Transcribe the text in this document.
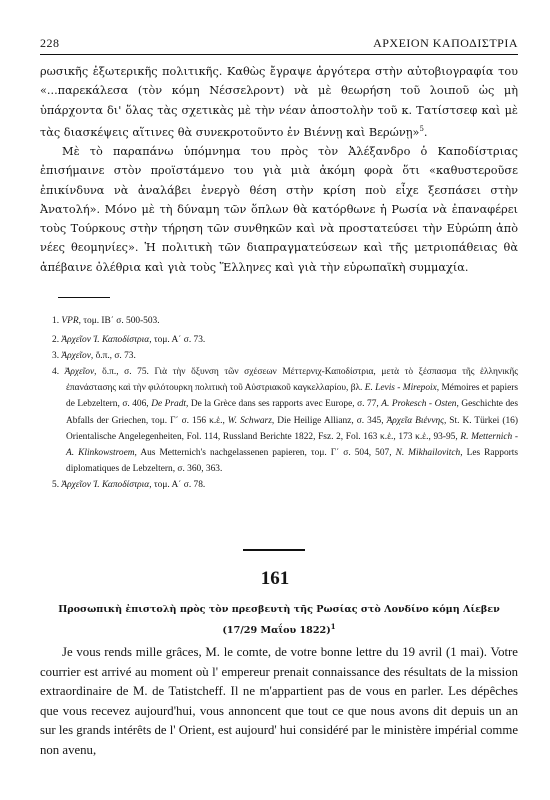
228	ΑΡΧΕΙΟΝ ΚΑΠΟΔΙΣΤΡΙΑ

ρωσικῆς ἐξωτερικῆς πολιτικῆς. Καθὼς ἔγραψε ἀργότερα στὴν αὐτοβιογραφία του «...παρεκάλεσα (τὸν κόμη Νέσσελροντ) νὰ μὲ θεωρήση τοῦ λοιποῦ ὡς μὴ ὑπάρχοντα δι' ὅλας τὰς σχετικὰς μὲ τὴν νέαν ἀποστολὴν τοῦ κ. Τατίστσεφ καὶ μὲ τὰς διασκέψεις αἵτινες θὰ συνεκροτοῦντο ἐν Βιέννῃ καὶ Βερώνῃ»$^5$.

Μὲ τὸ παραπάνω ὑπόμνημα του πρὸς τὸν Ἀλέξανδρο ὁ Καποδίστριας ἐπισήμαινε στὸν προϊστάμενο του γιὰ μιὰ ἀκόμη φορὰ ὅτι «καθυστεροῦσε ἐπικίνδυνα νὰ ἀναλάβει ἐνεργὸ θέση στὴν κρίση ποὺ εἶχε ξεσπάσει στὴν Ἀνατολή». Μόνο μὲ τὴ δύναμη τῶν ὅπλων θὰ κατόρθωνε ἡ Ρωσία νὰ ἐπαναφέρει τοὺς Τούρκους στὴν τήρηση τῶν συνθηκῶν καὶ νὰ προστατεύσει τὴν Εὐρώπη ἀπὸ νέες θεομηνίες». Ἡ πολιτικὴ τῶν διαπραγματεύσεων καὶ τῆς μετριοπάθειας θὰ ἀπέβαινε ὀλέθρια καὶ γιὰ τοὺς Ἕλληνες καὶ γιὰ τὴν εὐρωπαϊκὴ συμμαχία.

1. VPR, τομ. ΙΒ΄ σ. 500-503.

2. Ἀρχεῖον Ἰ. Καποδίστρια, τομ. Α΄ σ. 73.

3. Ἀρχεῖον, ὅ.π., σ. 73.

4. Ἀρχεῖον, ὅ.π., σ. 75. Γιὰ τὴν ὄξυνση τῶν σχέσεων Μέττερνιχ-Καποδίστρια, μετὰ τὸ ξέσπασμα τῆς ἑλληνικῆς ἐπανάστασης καὶ τὴν φιλότουρκη πολιτικὴ τοῦ Αὐστριακοῦ καγκελλαρίου, βλ. E. Levis - Mirepoix, Mémoires et papiers de Lebzeltern, σ. 406, De Pradt, De la Grèce dans ses rapports avec Europe, σ. 77, A. Prokesch - Osten, Geschichte des Abfalls der Griechen, τομ. Γ΄ σ. 156 κ.ἑ., W. Schwarz, Die Heilige Allianz, σ. 345, Ἀρχεῖα Βιέννης, St. K. Türkei (16) Orientalische Angelegenheiten, Fol. 114, Russland Berichte 1822, Fsz. 2, Fol. 163 κ.ἑ., 173 κ.ἑ., 93-95, R. Metternich - A. Klinkowstroem, Aus Metternich's nachgelassenen papieren, τομ. Γ΄ σ. 504, 507, N. Mikhailovitch, Les Rapports diplomatiques de Lebzeltern, σ. 360, 363.

5. Ἀρχεῖον Ἰ. Καποδίστρια, τομ. Α΄ σ. 78.

161
Προσωπικὴ ἐπιστολὴ πρὸς τὸν πρεσβευτὴ τῆς Ρωσίας στὸ Λονδίνο κόμη Λίεβεν
(17/29 Μαΐου 1822)$^1$

Je vous rends mille grâces, M. le comte, de votre bonne lettre du 19 avril (1 mai). Votre courrier est arrivé au moment où l' empereur prenait connaissance des résultats de la mission extraordinaire de M. de Tatistcheff. Il ne m'appartient pas de vous en parler. Les dépêches que vous recevez aujourd'hui, vous annoncent que tout ce que nous avons dit depuis un an sur les grands intérêts de l' Orient, est aujourd' hui considéré par le ministère impérial comme non avenu,
